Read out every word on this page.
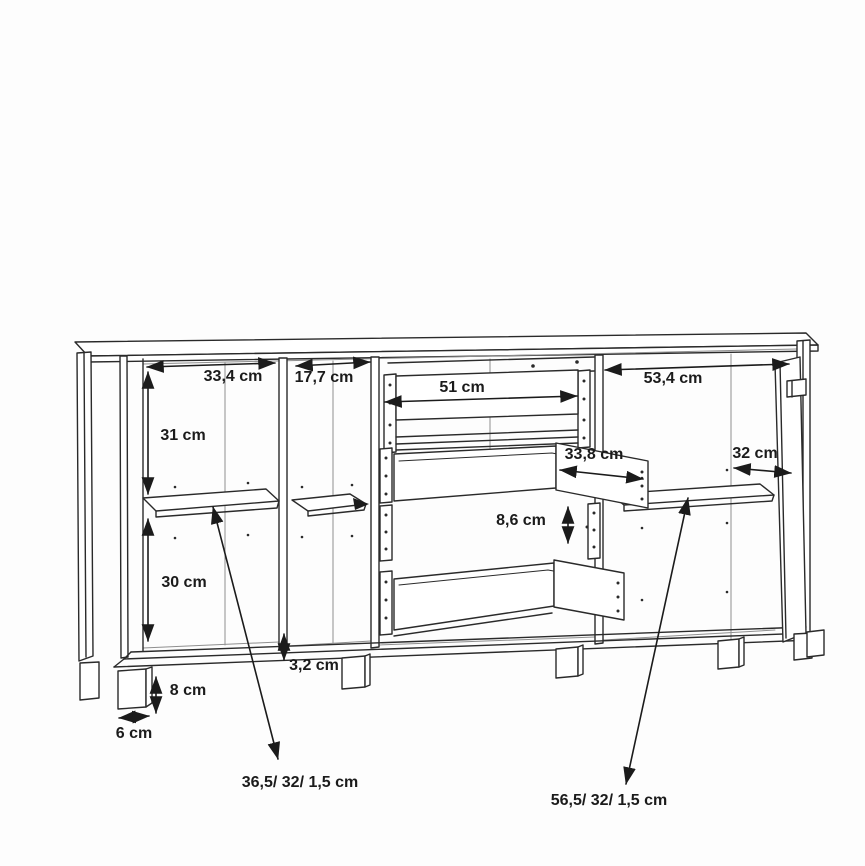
33,4 cm 17,7 cm
51 cm
33,8 cm
8,6 cm
53,4 cm
32 cm
31 cm
30 cm
3,2 cm
8 cm
6 cm
36,5/ 32/ 1,5 cm
56,5/ 32/ 1,5 cm
